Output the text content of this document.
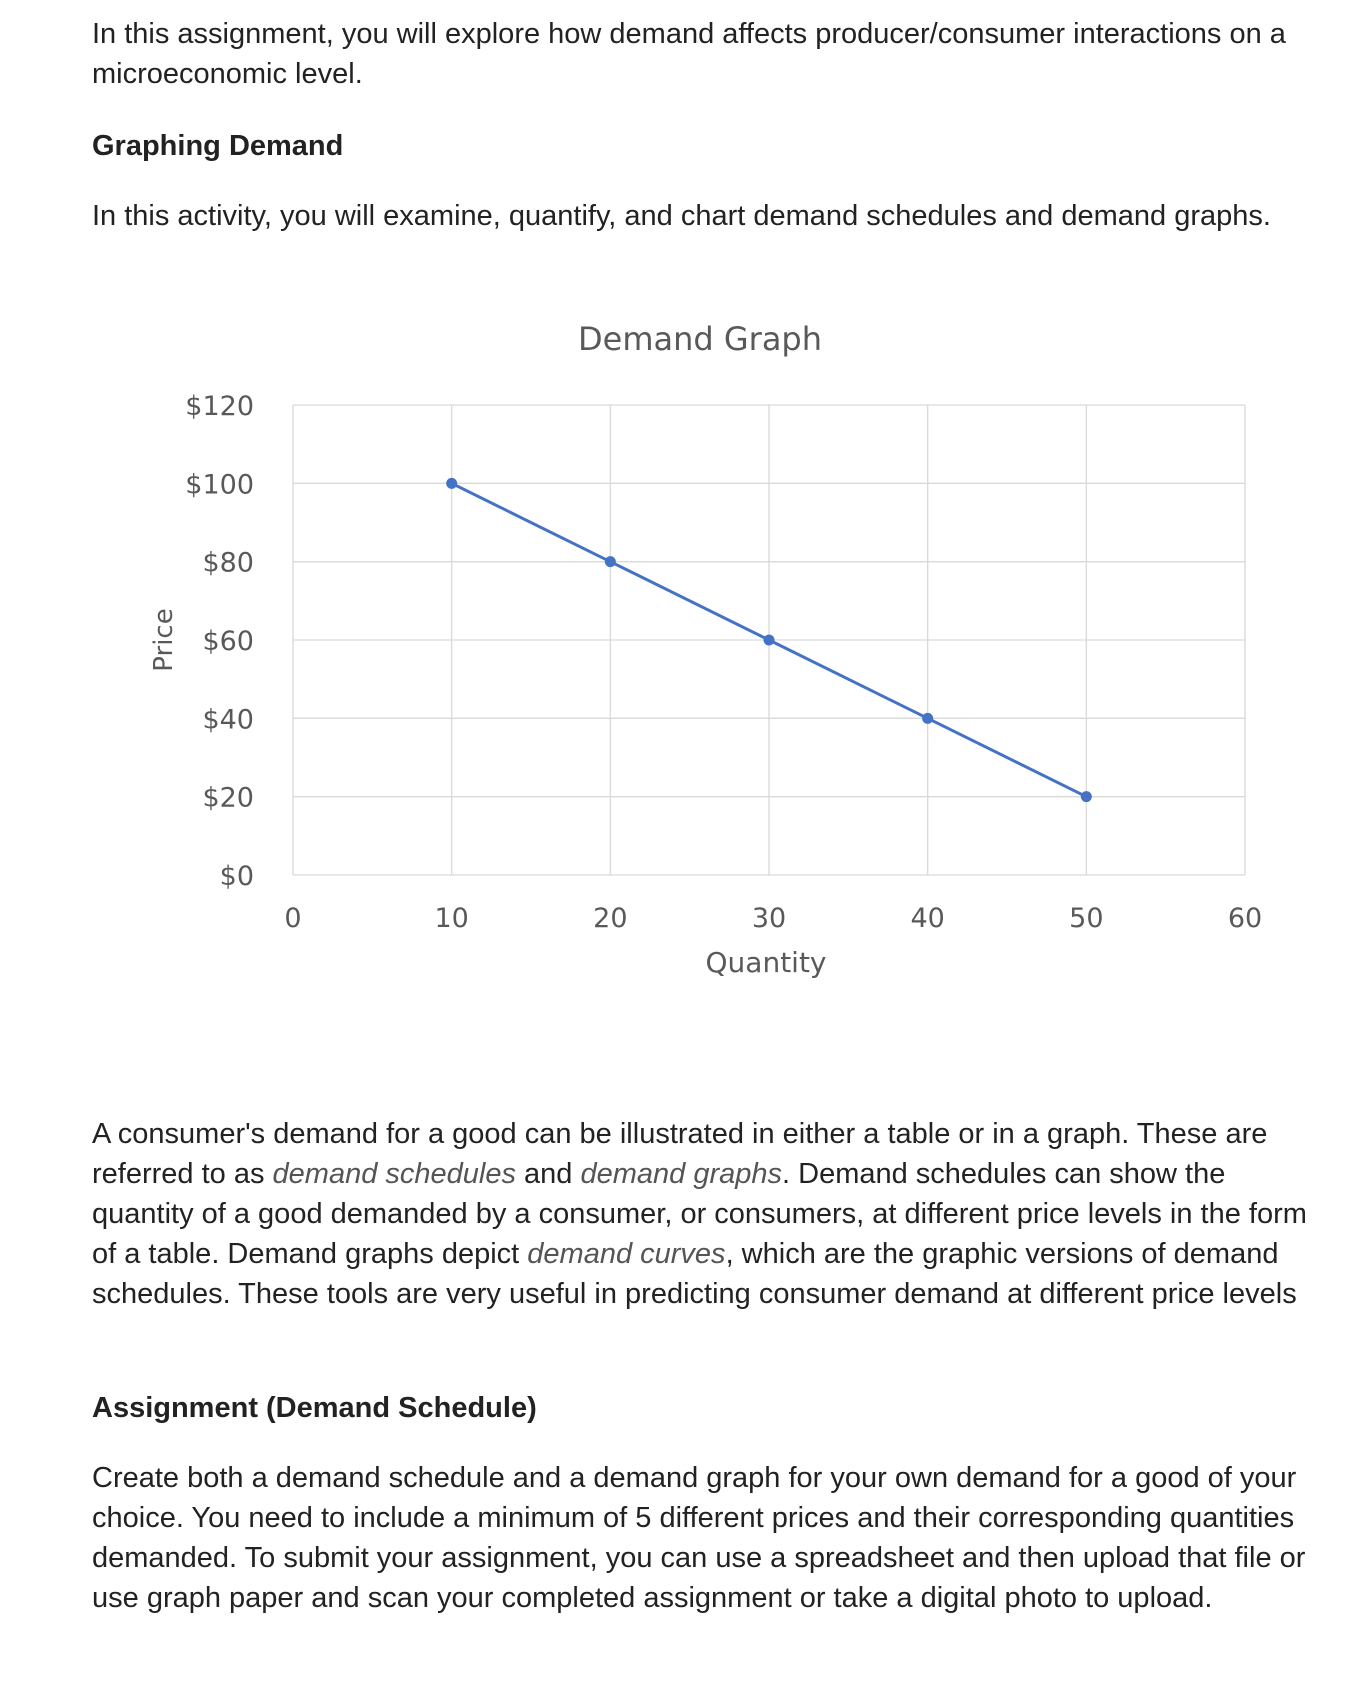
In this assignment, you will explore how demand affects producer/consumer interactions on a microeconomic level.

Graphing Demand

In this activity, you will examine, quantify, and chart demand schedules and demand graphs.

A consumer's demand for a good can be illustrated in either a table or in a graph. These are referred to as demand schedules and demand graphs. Demand schedules can show the quantity of a good demanded by a consumer, or consumers, at different price levels in the form of a table. Demand graphs depict demand curves, which are the graphic versions of demand schedules. These tools are very useful in predicting consumer demand at different price levels

Assignment (Demand Schedule)

Create both a demand schedule and a demand graph for your own demand for a good of your choice. You need to include a minimum of 5 different prices and their corresponding quantities demanded. To submit your assignment, you can use a spreadsheet and then upload that file or use graph paper and scan your completed assignment or take a digital photo to upload.

Demand Graph
$0
$20
$40
$60
$80
$100
$120
0	10	20	30	40	50	60
Quantity
Price
